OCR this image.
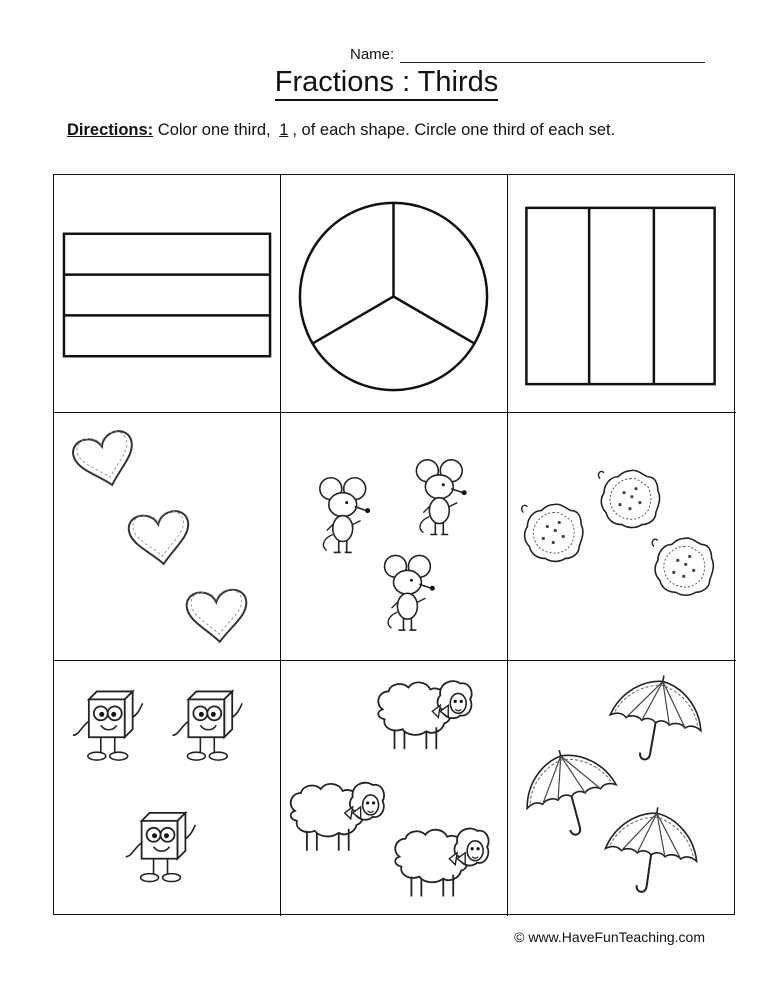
Name:
Fractions : Thirds
Directions: Color one third, 1 , of each shape. Circle one third of each set.
© www.HaveFunTeaching.com
